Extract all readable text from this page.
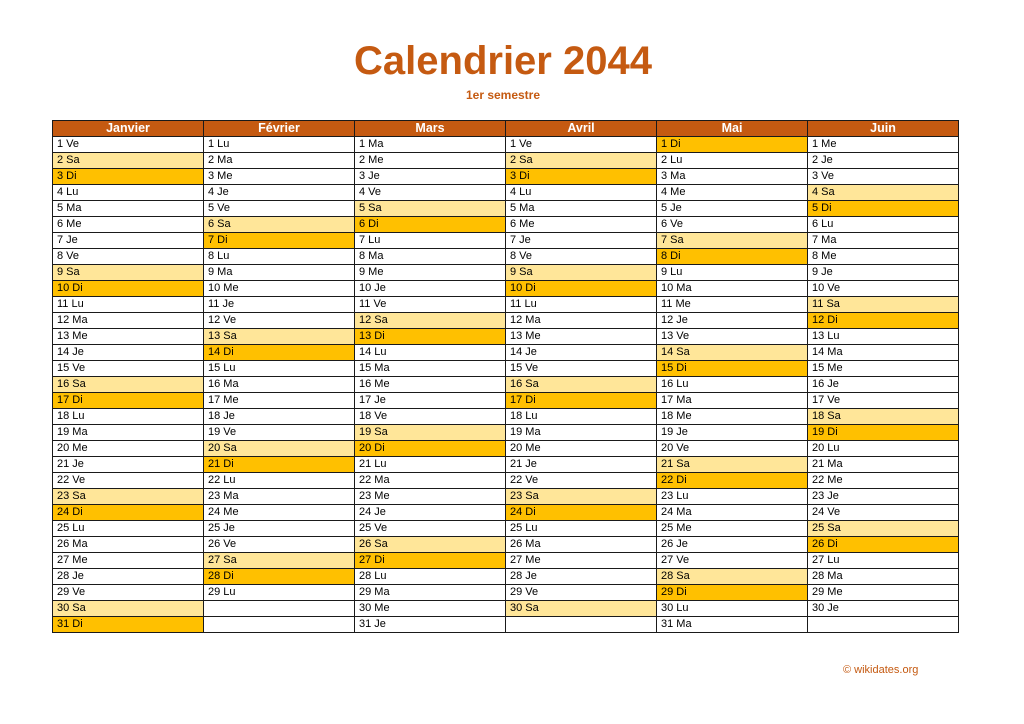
Calendrier 2044
1er semestre
Janvier	Février	Mars	Avril	Mai	Juin
1 Ve	1 Lu	1 Ma	1 Ve	1 Di	1 Me
2 Sa	2 Ma	2 Me	2 Sa	2 Lu	2 Je
3 Di	3 Me	3 Je	3 Di	3 Ma	3 Ve
4 Lu	4 Je	4 Ve	4 Lu	4 Me	4 Sa
5 Ma	5 Ve	5 Sa	5 Ma	5 Je	5 Di
6 Me	6 Sa	6 Di	6 Me	6 Ve	6 Lu
7 Je	7 Di	7 Lu	7 Je	7 Sa	7 Ma
8 Ve	8 Lu	8 Ma	8 Ve	8 Di	8 Me
9 Sa	9 Ma	9 Me	9 Sa	9 Lu	9 Je
10 Di	10 Me	10 Je	10 Di	10 Ma	10 Ve
11 Lu	11 Je	11 Ve	11 Lu	11 Me	11 Sa
12 Ma	12 Ve	12 Sa	12 Ma	12 Je	12 Di
13 Me	13 Sa	13 Di	13 Me	13 Ve	13 Lu
14 Je	14 Di	14 Lu	14 Je	14 Sa	14 Ma
15 Ve	15 Lu	15 Ma	15 Ve	15 Di	15 Me
16 Sa	16 Ma	16 Me	16 Sa	16 Lu	16 Je
17 Di	17 Me	17 Je	17 Di	17 Ma	17 Ve
18 Lu	18 Je	18 Ve	18 Lu	18 Me	18 Sa
19 Ma	19 Ve	19 Sa	19 Ma	19 Je	19 Di
20 Me	20 Sa	20 Di	20 Me	20 Ve	20 Lu
21 Je	21 Di	21 Lu	21 Je	21 Sa	21 Ma
22 Ve	22 Lu	22 Ma	22 Ve	22 Di	22 Me
23 Sa	23 Ma	23 Me	23 Sa	23 Lu	23 Je
24 Di	24 Me	24 Je	24 Di	24 Ma	24 Ve
25 Lu	25 Je	25 Ve	25 Lu	25 Me	25 Sa
26 Ma	26 Ve	26 Sa	26 Ma	26 Je	26 Di
27 Me	27 Sa	27 Di	27 Me	27 Ve	27 Lu
28 Je	28 Di	28 Lu	28 Je	28 Sa	28 Ma
29 Ve	29 Lu	29 Ma	29 Ve	29 Di	29 Me
30 Sa		30 Me	30 Sa	30 Lu	30 Je
31 Di		31 Je		31 Ma	
© wikidates.org
